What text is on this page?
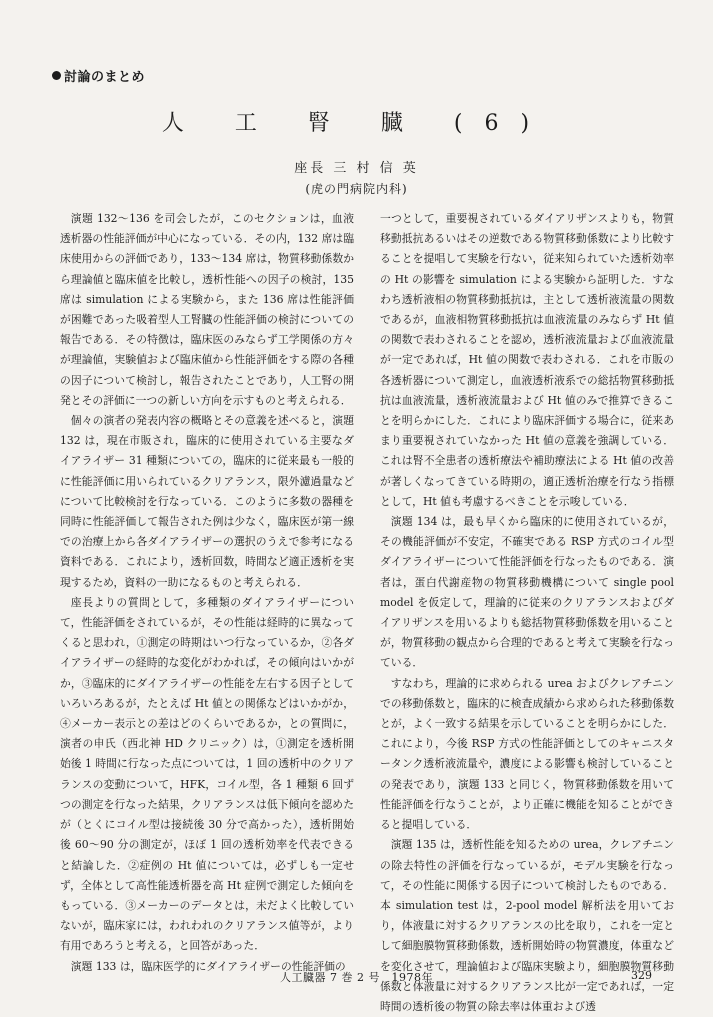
討論のまとめ
人 工 腎 臓 (6)
座長 三 村 信 英
(虎の門病院内科)

演題 132〜136 を司会したが，このセクションは，血液透析器の性能評価が中心になっている．その内，132 席は臨床使用からの評価であり，133〜134 席は，物質移動係数から理論値と臨床値を比較し，透析性能への因子の検討，135 席は simulation による実験から，また 136 席は性能評価が困難であった吸着型人工腎臓の性能評価の検討についての報告である．その特徴は，臨床医のみならず工学関係の方々が理論値，実験値および臨床値から性能評価をする際の各種の因子について検討し，報告されたことであり，人工腎の開発とその評価に一つの新しい方向を示すものと考えられる．

個々の演者の発表内容の概略とその意義を述べると，演題 132 は，現在市販され，臨床的に使用されている主要なダイアライザー 31 種類についての，臨床的に従来最も一般的に性能評価に用いられているクリアランス，限外濾過量などについて比較検討を行なっている．このように多数の器種を同時に性能評価して報告された例は少なく，臨床医が第一線での治療上から各ダイアライザーの選択のうえで参考になる資料である．これにより，透析回数，時間など適正透析を実現するため，資料の一助になるものと考えられる．

座長よりの質問として，多種類のダイアライザーについて，性能評価をされているが，その性能は経時的に異なってくると思われ，①測定の時期はいつ行なっているか，②各ダイアライザーの経時的な変化がわかれば，その傾向はいかがか，③臨床的にダイアライザーの性能を左右する因子としていろいろあるが，たとえば Ht 値との関係などはいかがか，④メーカー表示との差はどのくらいであるか，との質問に，演者の申氏（西北神 HD クリニック）は，①測定を透析開始後 1 時間に行なった点については，1 回の透析中のクリアランスの変動について，HFK，コイル型，各 1 種類 6 回ずつの測定を行なった結果，クリアランスは低下傾向を認めたが（とくにコイル型は接続後 30 分で高かった），透析開始後 60〜90 分の測定が，ほぼ 1 回の透析効率を代表できると結論した．②症例の Ht 値については，必ずしも一定せず，全体として高性能透析器を高 Ht 症例で測定した傾向をもっている．③メーカーのデータとは，未だよく比較していないが，臨床家には，われわれのクリアランス値等が，より有用であろうと考える，と回答があった．

演題 133 は，臨床医学的にダイアライザーの性能評価の

一つとして，重要視されているダイアリザンスよりも，物質移動抵抗あるいはその逆数である物質移動係数により比較することを提唱して実験を行ない，従来知られていた透析効率の Ht の影響を simulation による実験から証明した．すなわち透析液相の物質移動抵抗は，主として透析液流量の関数であるが，血液相物質移動抵抗は血液流量のみならず Ht 値の関数で表わされることを認め，透析液流量および血液流量が一定であれば，Ht 値の関数で表わされる．これを市販の各透析器について測定し，血液透析液系での総括物質移動抵抗は血液流量，透析液流量および Ht 値のみで推算できることを明らかにした．これにより臨床評価する場合に，従来あまり重要視されていなかった Ht 値の意義を強調している．これは腎不全患者の透析療法や補助療法による Ht 値の改善が著しくなってきている時期の，適正透析治療を行なう指標として，Ht 値も考慮するべきことを示唆している．

演題 134 は，最も早くから臨床的に使用されているが，その機能評価が不安定，不確実である RSP 方式のコイル型ダイアライザーについて性能評価を行なったものである．演者は，蛋白代謝産物の物質移動機構について single pool model を仮定して，理論的に従来のクリアランスおよびダイアリザンスを用いるよりも総括物質移動係数を用いることが，物質移動の観点から合理的であると考えて実験を行なっている．

すなわち，理論的に求められる urea およびクレアチニンでの移動係数と，臨床的に検査成績から求められた移動係数とが，よく一致する結果を示していることを明らかにした．これにより，今後 RSP 方式の性能評価としてのキャニスタータンク透析液流量や，濃度による影響も検討していることの発表であり，演題 133 と同じく，物質移動係数を用いて性能評価を行なうことが，より正確に機能を知ることができると提唱している．

演題 135 は，透析性能を知るための urea，クレアチニンの除去特性の評価を行なっているが，モデル実験を行なって，その性能に関係する因子について検討したものである．本 simulation test は，2-pool model 解析法を用いており，体液量に対するクリアランスの比を取り，これを一定として細胞膜物質移動係数，透析開始時の物質濃度，体重などを変化させて，理論値および臨床実験より，細胞膜物質移動係数と体液量に対するクリアランス比が一定であれば，一定時間の透析後の物質の除去率は体重および透

人工臓器 7 巻 2 号　1978年	329
